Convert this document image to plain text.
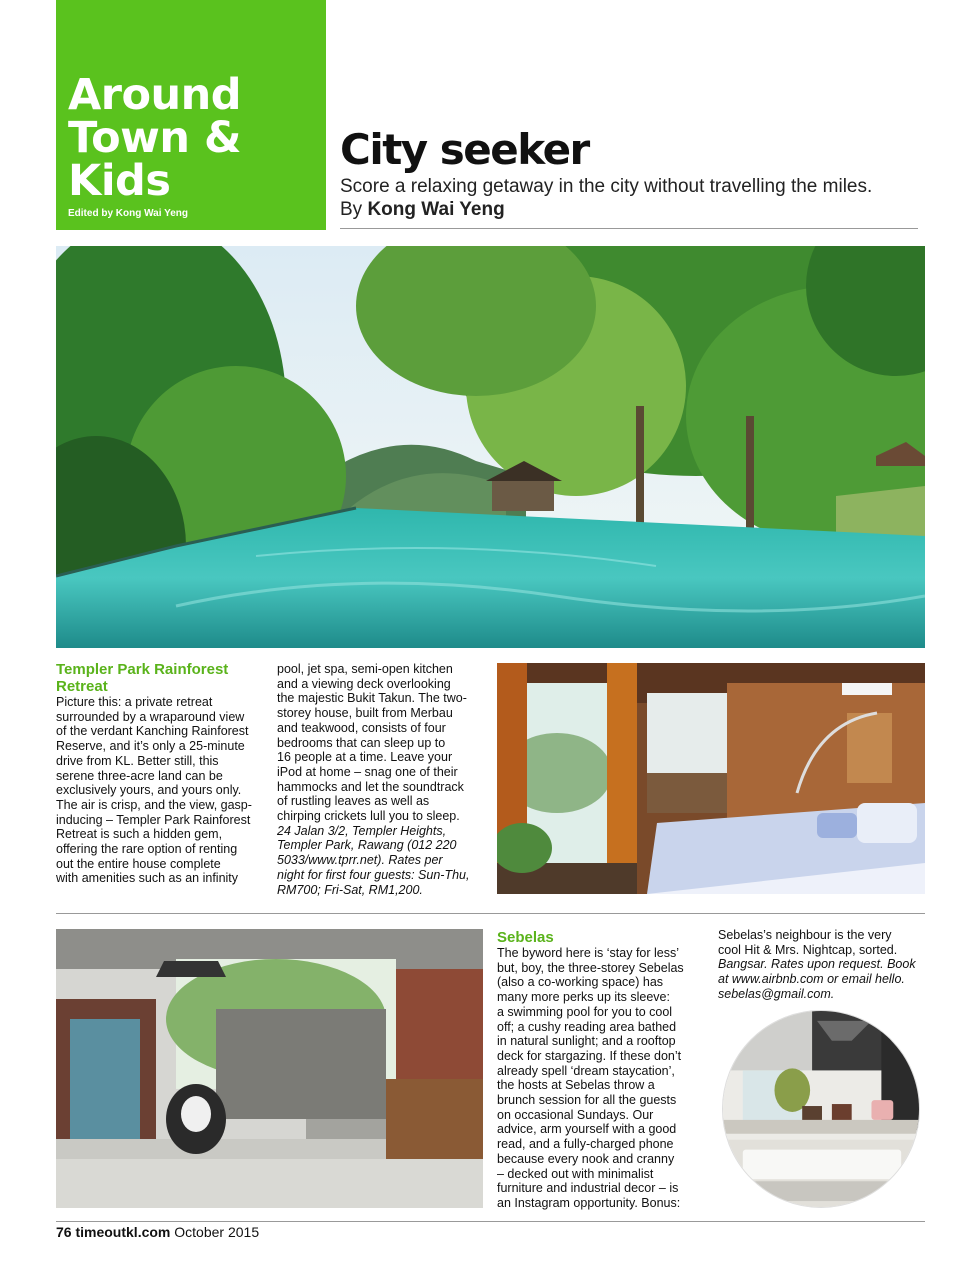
Around
Town &
Kids
Edited by Kong Wai Yeng
City seeker
Score a relaxing getaway in the city without travelling the miles.
By Kong Wai Yeng
Templer Park Rainforest
Retreat
Picture this: a private retreat
surrounded by a wraparound view
of the verdant Kanching Rainforest
Reserve, and it’s only a 25-minute
drive from KL. Better still, this
serene three-acre land can be
exclusively yours, and yours only.
The air is crisp, and the view, gasp-
inducing – Templer Park Rainforest
Retreat is such a hidden gem,
offering the rare option of renting
out the entire house complete
with amenities such as an infinity
pool, jet spa, semi-open kitchen
and a viewing deck overlooking
the majestic Bukit Takun. The two-
storey house, built from Merbau
and teakwood, consists of four
bedrooms that can sleep up to
16 people at a time. Leave your
iPod at home – snag one of their
hammocks and let the soundtrack
of rustling leaves as well as
chirping crickets lull you to sleep.
24 Jalan 3/2, Templer Heights,
Templer Park, Rawang (012 220
5033/www.tprr.net). Rates per
night for first four guests: Sun-Thu,
RM700; Fri-Sat, RM1,200.
Sebelas
The byword here is ‘stay for less’
but, boy, the three-storey Sebelas
(also a co-working space) has
many more perks up its sleeve:
a swimming pool for you to cool
off; a cushy reading area bathed
in natural sunlight; and a rooftop
deck for stargazing. If these don’t
already spell ‘dream staycation’,
the hosts at Sebelas throw a
brunch session for all the guests
on occasional Sundays. Our
advice, arm yourself with a good
read, and a fully-charged phone
because every nook and cranny
– decked out with minimalist
furniture and industrial decor – is
an Instagram opportunity. Bonus:
Sebelas’s neighbour is the very
cool Hit & Mrs. Nightcap, sorted.
Bangsar. Rates upon request. Book
at www.airbnb.com or email hello.
sebelas@gmail.com.
76 timeoutkl.com October 2015
